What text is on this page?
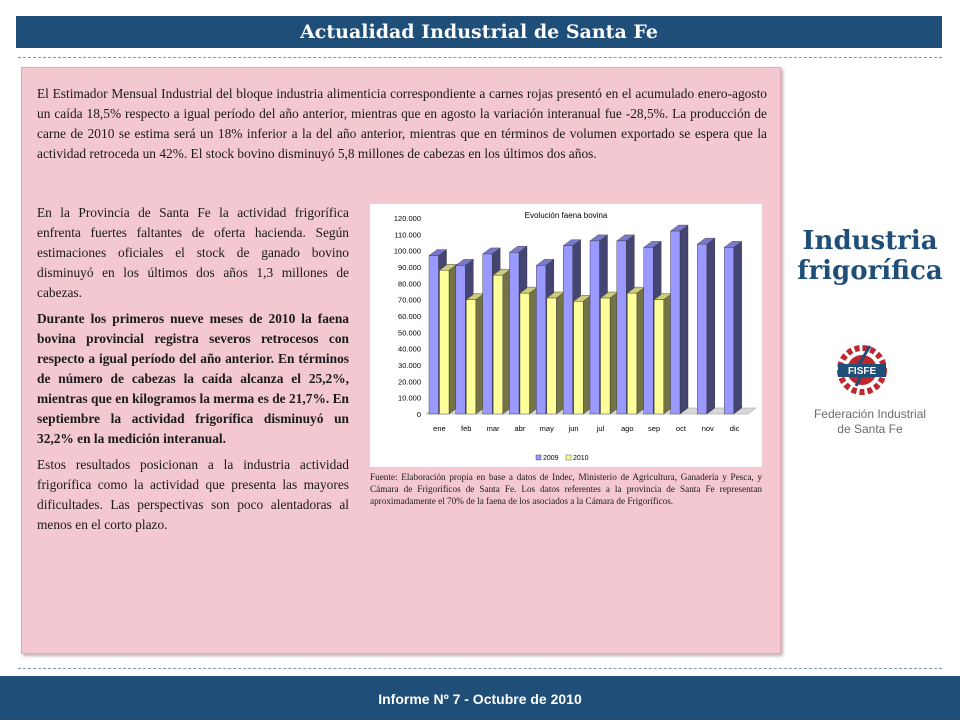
Actualidad Industrial de Santa Fe

El Estimador Mensual Industrial del bloque industria alimenticia correspondiente a carnes rojas presentó en el acumulado enero-agosto un caída 18,5% respecto a igual período del año anterior, mientras que en agosto la variación interanual fue -28,5%. La producción de carne de 2010 se estima será un 18% inferior a la del año anterior, mientras que en términos de volumen exportado se espera que la actividad retroceda un 42%. El stock bovino disminuyó 5,8 millones de cabezas en los últimos dos años.

En la Provincia de Santa Fe la actividad frigorífica enfrenta fuertes faltantes de oferta hacienda. Según estimaciones oficiales el stock de ganado bovino disminuyó en los últimos dos años 1,3 millones de cabezas.

Durante los primeros nueve meses de 2010 la faena bovina provincial registra severos retrocesos con respecto a igual período del año anterior. En términos de número de cabezas la caída alcanza el 25,2%, mientras que en kilogramos la merma es de 21,7%. En septiembre la actividad frigorífica disminuyó un 32,2% en la medición interanual.

Estos resultados posicionan a la industria actividad frigorífica como la actividad que presenta las mayores dificultades. Las perspectivas son poco alentadoras al menos en el corto plazo.

Evolución faena bovina
0
10.000
20.000
30.000
40.000
50.000
60.000
70.000
80.000
90.000
100.000
110.000
120.000
ene feb mar abr may jun jul ago sep oct nov dic
2009 2010

Fuente: Elaboración propia en base a datos de Indec, Ministerio de Agricultura, Ganadería y Pesca, y Cámara de Frigoríficos de Santa Fe. Los datos referentes a la provincia de Santa Fe representan aproximadamente el 70% de la faena de los asociados a la Cámara de Frigoríficos.

Industria
frigorífica
FISFE
Federación Industrial
de Santa Fe
Informe Nº 7 - Octubre de 2010
